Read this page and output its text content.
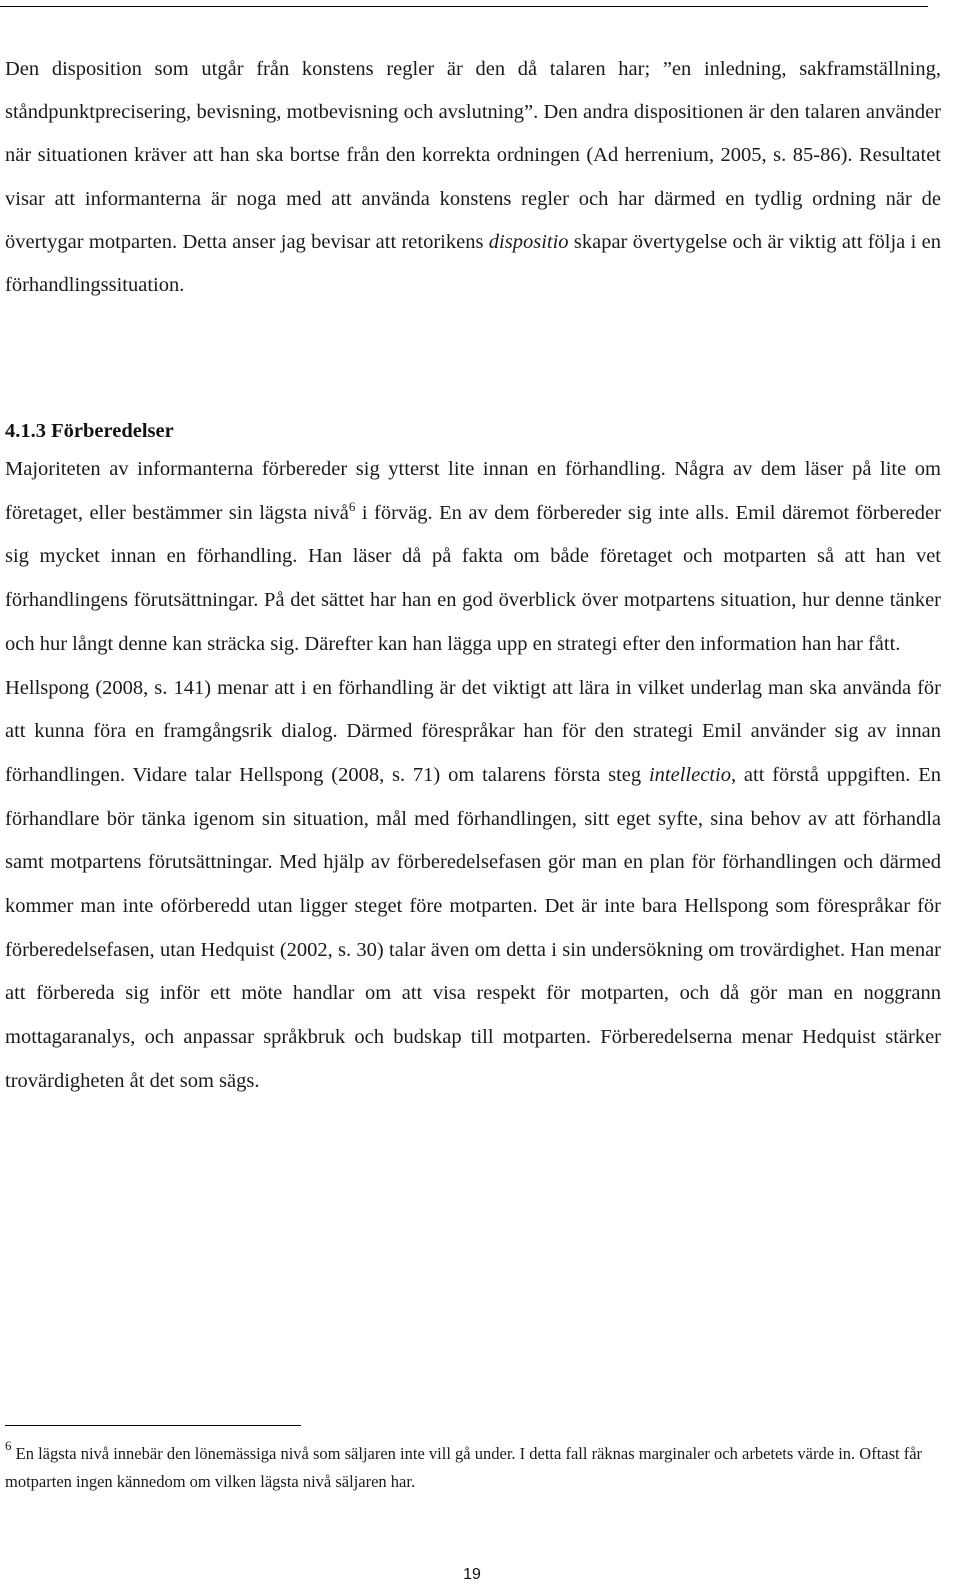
Den disposition som utgår från konstens regler är den då talaren har; ”en inledning, sakframställning, ståndpunktprecisering, bevisning, motbevisning och avslutning”. Den andra dispositionen är den talaren använder när situationen kräver att han ska bortse från den korrekta ordningen (Ad herrenium, 2005, s. 85-86). Resultatet visar att informanterna är noga med att använda konstens regler och har därmed en tydlig ordning när de övertygar motparten. Detta anser jag bevisar att retorikens dispositio skapar övertygelse och är viktig att följa i en förhandlingssituation.

4.1.3 Förberedelser

Majoriteten av informanterna förbereder sig ytterst lite innan en förhandling. Några av dem läser på lite om företaget, eller bestämmer sin lägsta nivå$^6$ i förväg. En av dem förbereder sig inte alls. Emil däremot förbereder sig mycket innan en förhandling. Han läser då på fakta om både företaget och motparten så att han vet förhandlingens förutsättningar. På det sättet har han en god överblick över motpartens situation, hur denne tänker och hur långt denne kan sträcka sig. Därefter kan han lägga upp en strategi efter den information han har fått.

Hellspong (2008, s. 141) menar att i en förhandling är det viktigt att lära in vilket underlag man ska använda för att kunna föra en framgångsrik dialog. Därmed förespråkar han för den strategi Emil använder sig av innan förhandlingen. Vidare talar Hellspong (2008, s. 71) om talarens första steg intellectio, att förstå uppgiften. En förhandlare bör tänka igenom sin situation, mål med förhandlingen, sitt eget syfte, sina behov av att förhandla samt motpartens förutsättningar. Med hjälp av förberedelsefasen gör man en plan för förhandlingen och därmed kommer man inte oförberedd utan ligger steget före motparten. Det är inte bara Hellspong som förespråkar för förberedelsefasen, utan Hedquist (2002, s. 30) talar även om detta i sin undersökning om trovärdighet. Han menar att förbereda sig inför ett möte handlar om att visa respekt för motparten, och då gör man en noggrann mottagaranalys, och anpassar språkbruk och budskap till motparten. Förberedelserna menar Hedquist stärker trovärdigheten åt det som sägs.

$^6$ En lägsta nivå innebär den lönemässiga nivå som säljaren inte vill gå under. I detta fall räknas marginaler och arbetets värde in. Oftast får motparten ingen kännedom om vilken lägsta nivå säljaren har.

19
